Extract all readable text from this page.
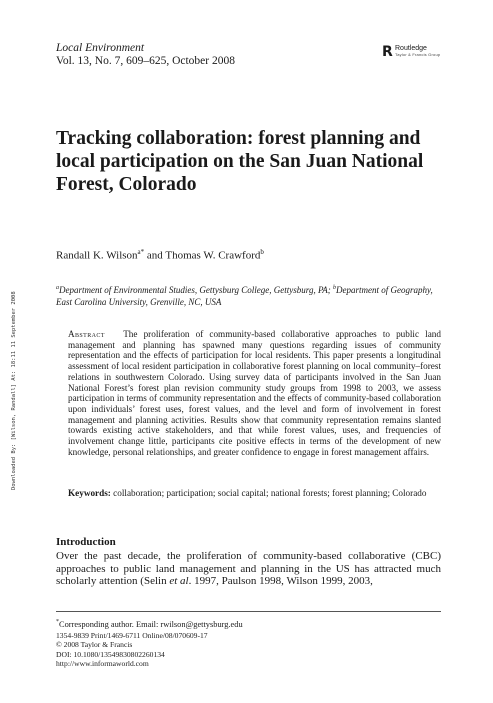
Local Environment
Vol. 13, No. 7, 609–625, October 2008
R Routledge
Taylor & Francis Group
Tracking collaboration: forest planning and local participation on the San Juan National Forest, Colorado
Randall K. Wilson$^{a*}$ and Thomas W. Crawford$^b$
$^a$Department of Environmental Studies, Gettysburg College, Gettysburg, PA; $^b$Department of Geography, East Carolina University, Grenville, NC, USA
Downloaded By: [Wilson, Randall] At: 18:11 11 September 2008	Abstract The proliferation of community-based collaborative approaches to public land management and planning has spawned many questions regarding issues of community representation and the effects of participation for local residents. This paper presents a longitudinal assessment of local resident participation in collaborative forest planning on local community–forest relations in southwestern Colorado. Using survey data of participants involved in the San Juan National Forest’s forest plan revision community study groups from 1998 to 2003, we assess participation in terms of community representation and the effects of community-based collaboration upon individuals’ forest uses, forest values, and the level and form of involvement in forest management and planning activities. Results show that community representation remains slanted towards existing active stakeholders, and that while forest values, uses, and frequencies of involvement change little, participants cite positive effects in terms of the development of new knowledge, personal relationships, and greater confidence to engage in forest management affairs.

Keywords: collaboration; participation; social capital; national forests; forest planning; Colorado

Introduction

Over the past decade, the proliferation of community-based collaborative (CBC) approaches to public land management and planning in the US has attracted much scholarly attention (Selin et al. 1997, Paulson 1998, Wilson 1999, 2003,

*Corresponding author. Email: rwilson@gettysburg.edu
1354-9839 Print/1469-6711 Online/08/070609-17
© 2008 Taylor & Francis
DOI: 10.1080/13549830802260134
http://www.informaworld.com
